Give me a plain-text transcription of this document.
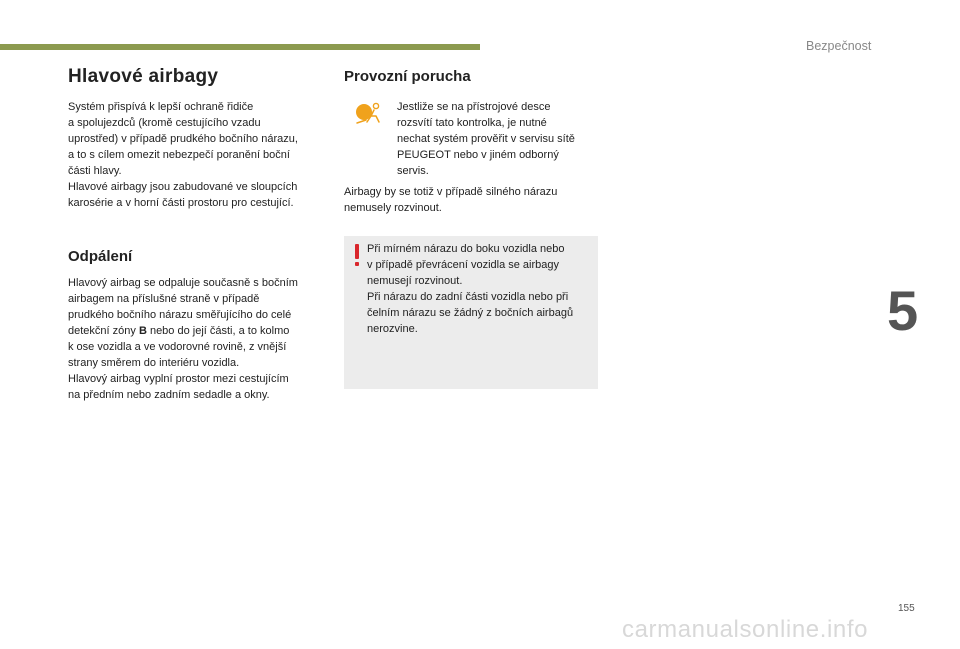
Bezpečnost
5
Hlavové airbagy

Systém přispívá k lepší ochraně řidiče
a spolujezdců (kromě cestujícího vzadu
uprostřed) v případě prudkého bočního nárazu,
a to s cílem omezit nebezpečí poranění boční
části hlavy.
Hlavové airbagy jsou zabudované ve sloupcích
karosérie a v horní části prostoru pro cestující.

Odpálení

Hlavový airbag se odpaluje současně s bočním
airbagem na příslušné straně v případě
prudkého bočního nárazu směřujícího do celé
detekční zóny B nebo do její části, a to kolmo
k ose vozidla a ve vodorovné rovině, z vnější
strany směrem do interiéru vozidla.
Hlavový airbag vyplní prostor mezi cestujícím
na předním nebo zadním sedadle a okny.

Provozní porucha

Jestliže se na přístrojové desce
rozsvítí tato kontrolka, je nutné
nechat systém prověřit v servisu sítě
PEUGEOT nebo v jiném odborný
servis.

Airbagy by se totiž v případě silného nárazu
nemusely rozvinout.

Při mírném nárazu do boku vozidla nebo
v případě převrácení vozidla se airbagy
nemusejí rozvinout.
Při nárazu do zadní části vozidla nebo při
čelním nárazu se žádný z bočních airbagů
nerozvine.

155
carmanualsonline.info
